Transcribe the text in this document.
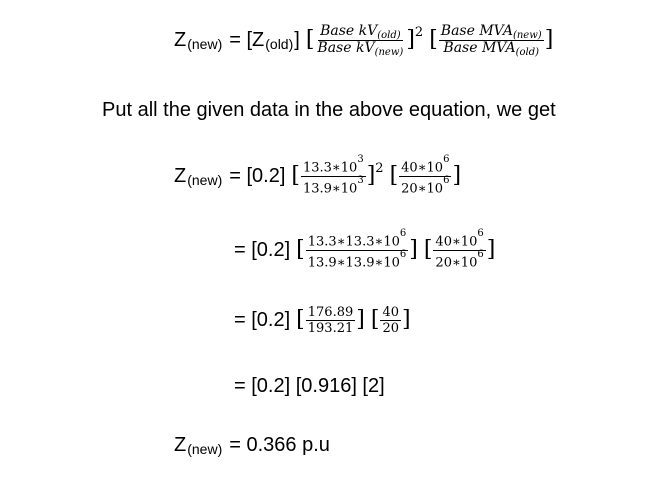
Z (new) = [Z (old) ] [ $\frac{Base kV_{(old)}}{Base kV_{(new)}}$ ] 2 [ $\frac{Base MVA_{(new)}}{Base MVA_{(old)}}$ ]
Put all the given data in the above equation, we get
Z (new) = [0.2] [ $\frac{13.3∗10^3}{13.9∗10^3}$ ] 2 [ $\frac{40∗10^6}{20∗10^6}$ ]
= [0.2] [ $\frac{13.3∗13.3∗10^6}{13.9∗13.9∗10^6}$ ] [ $\frac{40∗10^6}{20∗10^6}$ ]
= [0.2] [ $\frac{176.89}{193.21}$ ] [ $\frac{40}{20}$ ]
= [0.2] [0.916] [2]
Z (new) = 0.366 p.u
